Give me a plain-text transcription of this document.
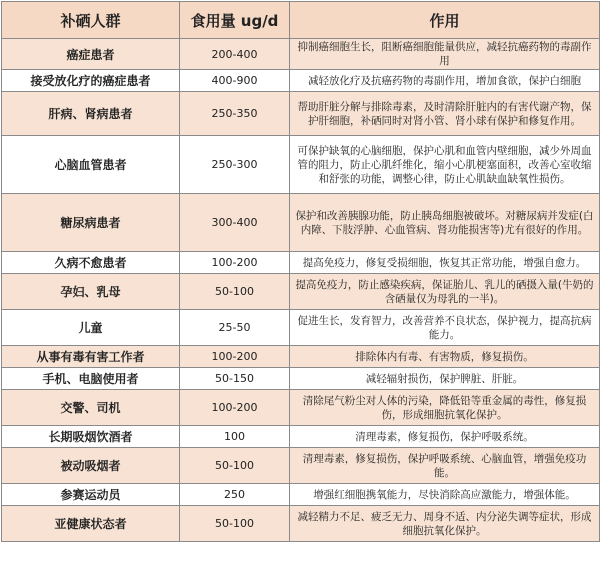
补硒人群	食用量 ug/d	作用
癌症患者	200-400	抑制癌细胞生长，阻断癌细胞能量供应，减轻抗癌药物的毒副作用
接受放化疗的癌症患者	400-900	减轻放化疗及抗癌药物的毒副作用，增加食欲，保护白细胞
肝病、肾病患者	250-350	帮助肝脏分解与排除毒素，及时清除肝脏内的有害代谢产物，保护肝细胞，补硒同时对肾小管、肾小球有保护和修复作用。
心脑血管患者	250-300	可保护缺氧的心脑细胞，保护心肌和血管内壁细胞，减少外周血管的阻力，防止心肌纤维化，缩小心肌梗塞面积，改善心室收缩和舒张的功能，调整心律，防止心肌缺血缺氧性损伤。
糖尿病患者	300-400	保护和改善胰腺功能，防止胰岛细胞被破坏。对糖尿病并发症(白内障、下肢浮肿、心血管病、肾功能损害等)尤有很好的作用。
久病不愈患者	100-200	提高免疫力，修复受损细胞，恢复其正常功能，增强自愈力。
孕妇、乳母	50-100	提高免疫力，防止感染疾病，保证胎儿、乳儿的硒摄入量(牛奶的含硒量仅为母乳的一半)。
儿童	25-50	促进生长，发育智力，改善营养不良状态，保护视力，提高抗病能力。
从事有毒有害工作者	100-200	排除体内有毒、有害物质，修复损伤。
手机、电脑使用者	50-150	减轻辐射损伤，保护脾脏、肝脏。
交警、司机	100-200	清除尾气粉尘对人体的污染，降低铅等重金属的毒性，修复损伤，形成细胞抗氧化保护。
长期吸烟饮酒者	100	清理毒素，修复损伤，保护呼吸系统。
被动吸烟者	50-100	清理毒素，修复损伤，保护呼吸系统、心脑血管，增强免疫功能。
参赛运动员	250	增强红细胞携氧能力，尽快消除高应激能力，增强体能。
亚健康状态者	50-100	减轻精力不足、疲乏无力、周身不适、内分泌失调等症状，形成细胞抗氧化保护。
